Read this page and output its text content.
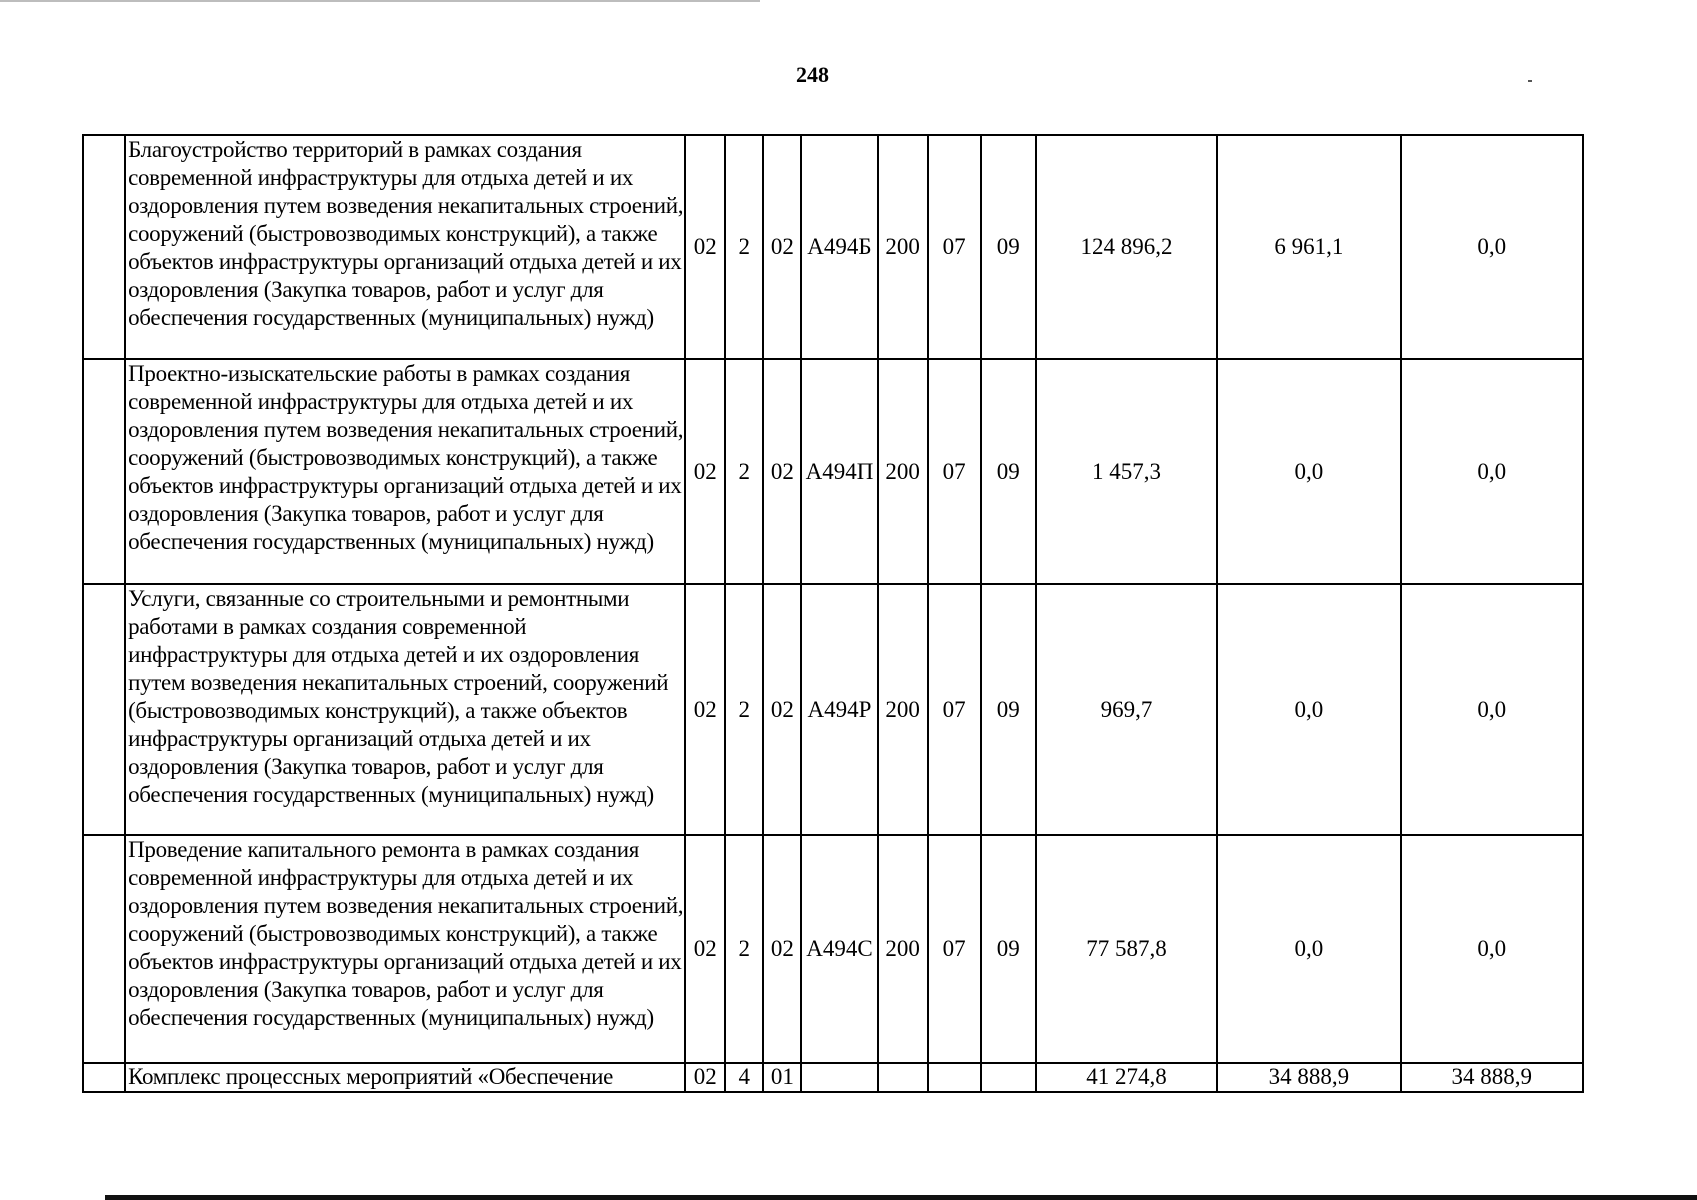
248
	Благоустройство территорий в рамках создания современной инфраструктуры для отдыха детей и их оздоровления путем возведения некапитальных строений, сооружений (быстровозводимых конструкций), а также объектов инфраструктуры организаций отдыха детей и их оздоровления (Закупка товаров, работ и услуг для обеспечения государственных (муниципальных) нужд)	02	2	02	А494Б	200	07	09	124 896,2	6 961,1	0,0
	Проектно-изыскательские работы в рамках создания современной инфраструктуры для отдыха детей и их оздоровления путем возведения некапитальных строений, сооружений (быстровозводимых конструкций), а также объектов инфраструктуры организаций отдыха детей и их оздоровления (Закупка товаров, работ и услуг для обеспечения государственных (муниципальных) нужд)	02	2	02	А494П	200	07	09	1 457,3	0,0	0,0
	Услуги, связанные со строительными и ремонтными работами в рамках создания современной инфраструктуры для отдыха детей и их оздоровления путем возведения некапитальных строений, сооружений (быстровозводимых конструкций), а также объектов инфраструктуры организаций отдыха детей и их оздоровления (Закупка товаров, работ и услуг для обеспечения государственных (муниципальных) нужд)	02	2	02	А494Р	200	07	09	969,7	0,0	0,0
	Проведение капитального ремонта в рамках создания современной инфраструктуры для отдыха детей и их оздоровления путем возведения некапитальных строений, сооружений (быстровозводимых конструкций), а также объектов инфраструктуры организаций отдыха детей и их оздоровления (Закупка товаров, работ и услуг для обеспечения государственных (муниципальных) нужд)	02	2	02	А494С	200	07	09	77 587,8	0,0	0,0
	Комплекс процессных мероприятий «Обеспечение	02	4	01					41 274,8	34 888,9	34 888,9
